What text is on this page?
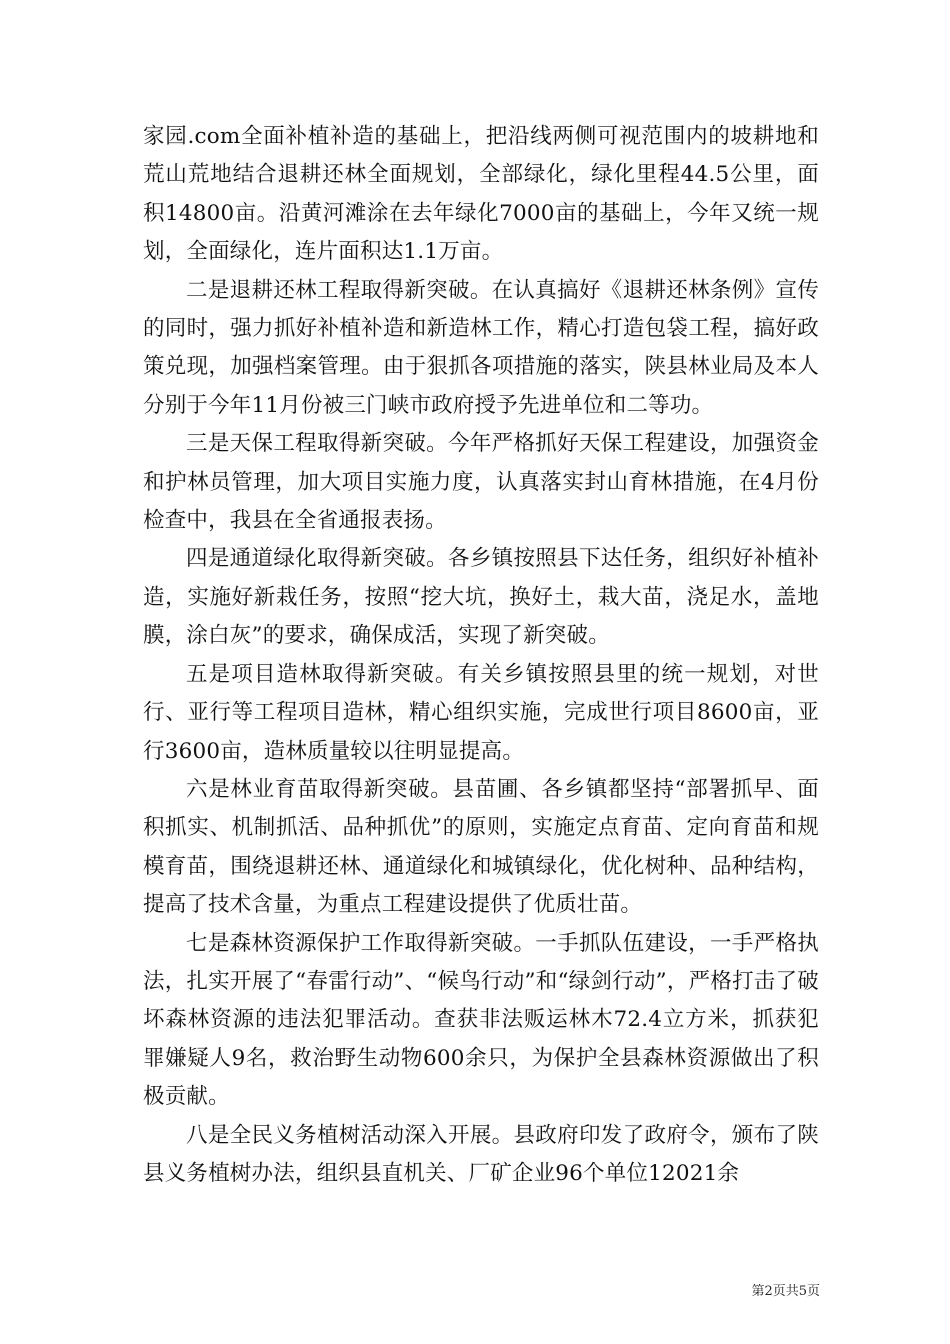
家园.com全面补植补造的基础上，把沿线两侧可视范围内的坡耕地和荒山荒地结合退耕还林全面规划，全部绿化，绿化里程44.5公里，面积14800亩。沿黄河滩涂在去年绿化7000亩的基础上，今年又统一规划，全面绿化，连片面积达1.1万亩。

二是退耕还林工程取得新突破。在认真搞好《退耕还林条例》宣传的同时，强力抓好补植补造和新造林工作，精心打造包袋工程，搞好政策兑现，加强档案管理。由于狠抓各项措施的落实，陕县林业局及本人分别于今年11月份被三门峡市政府授予先进单位和二等功。

三是天保工程取得新突破。今年严格抓好天保工程建设，加强资金和护林员管理，加大项目实施力度，认真落实封山育林措施，在4月份检查中，我县在全省通报表扬。

四是通道绿化取得新突破。各乡镇按照县下达任务，组织好补植补造，实施好新栽任务，按照“挖大坑，换好土，栽大苗，浇足水，盖地膜，涂白灰”的要求，确保成活，实现了新突破。

五是项目造林取得新突破。有关乡镇按照县里的统一规划，对世行、亚行等工程项目造林，精心组织实施，完成世行项目8600亩，亚行3600亩，造林质量较以往明显提高。

六是林业育苗取得新突破。县苗圃、各乡镇都坚持“部署抓早、面积抓实、机制抓活、品种抓优”的原则，实施定点育苗、定向育苗和规模育苗，围绕退耕还林、通道绿化和城镇绿化，优化树种、品种结构，提高了技术含量，为重点工程建设提供了优质壮苗。

七是森林资源保护工作取得新突破。一手抓队伍建设，一手严格执法，扎实开展了“春雷行动”、“候鸟行动”和“绿剑行动”，严格打击了破坏森林资源的违法犯罪活动。查获非法贩运林木72.4立方米，抓获犯罪嫌疑人9名，救治野生动物600余只，为保护全县森林资源做出了积极贡献。

八是全民义务植树活动深入开展。县政府印发了政府令，颁布了陕县义务植树办法，组织县直机关、厂矿企业96个单位12021余

第2页共5页
